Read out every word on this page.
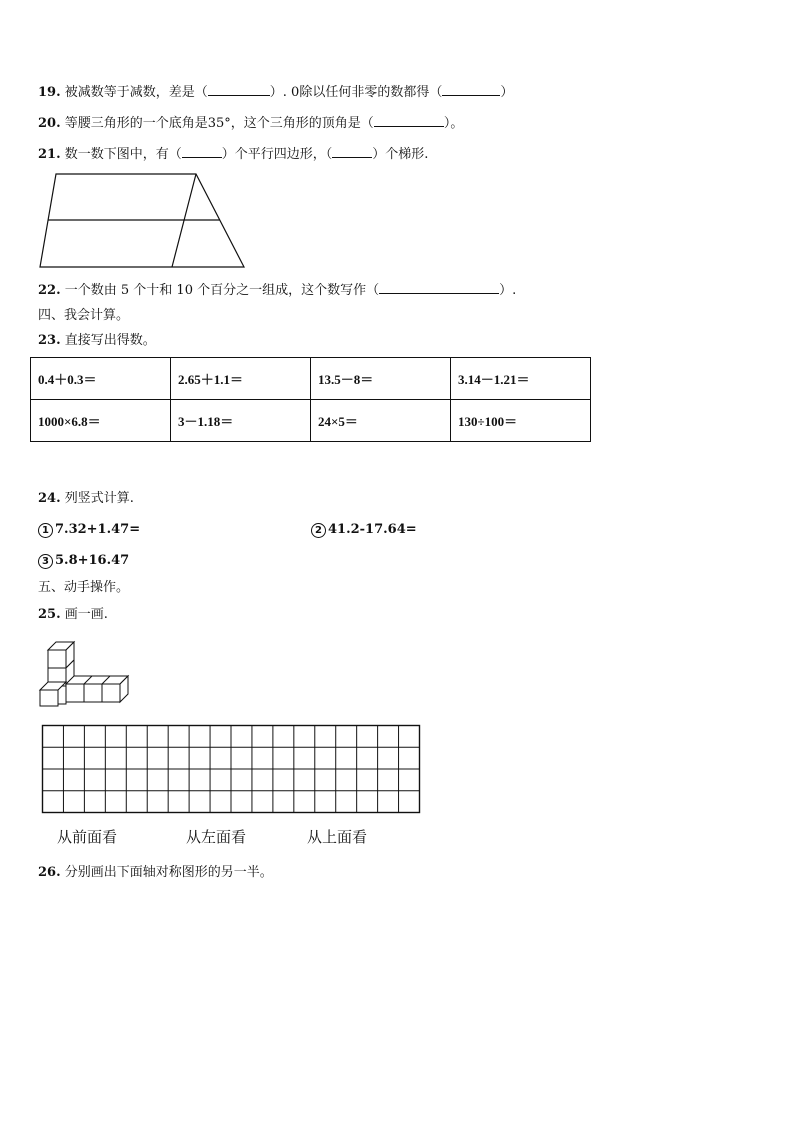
19. 被减数等于减数，差是（	）. 0除以任何非零的数都得（	）
20. 等腰三角形的一个底角是35°，这个三角形的顶角是（	）。
21. 数一数下图中，有（	）个平行四边形，（	）个梯形.
22. 一个数由 5 个十和 10 个百分之一组成，这个数写作（	）.
四、我会计算。
23. 直接写出得数。
0.4＋0.3＝	2.65＋1.1＝	13.5－8＝	3.14－1.21＝
1000×6.8＝	3－1.18＝	24×5＝	130÷100＝
24. 列竖式计算.
1 7.32+1.47=	2 41.2-17.64=
3 5.8+16.47
五、动手操作。
25. 画一画.
从前面看	从左面看	从上面看
26. 分别画出下面轴对称图形的另一半。
